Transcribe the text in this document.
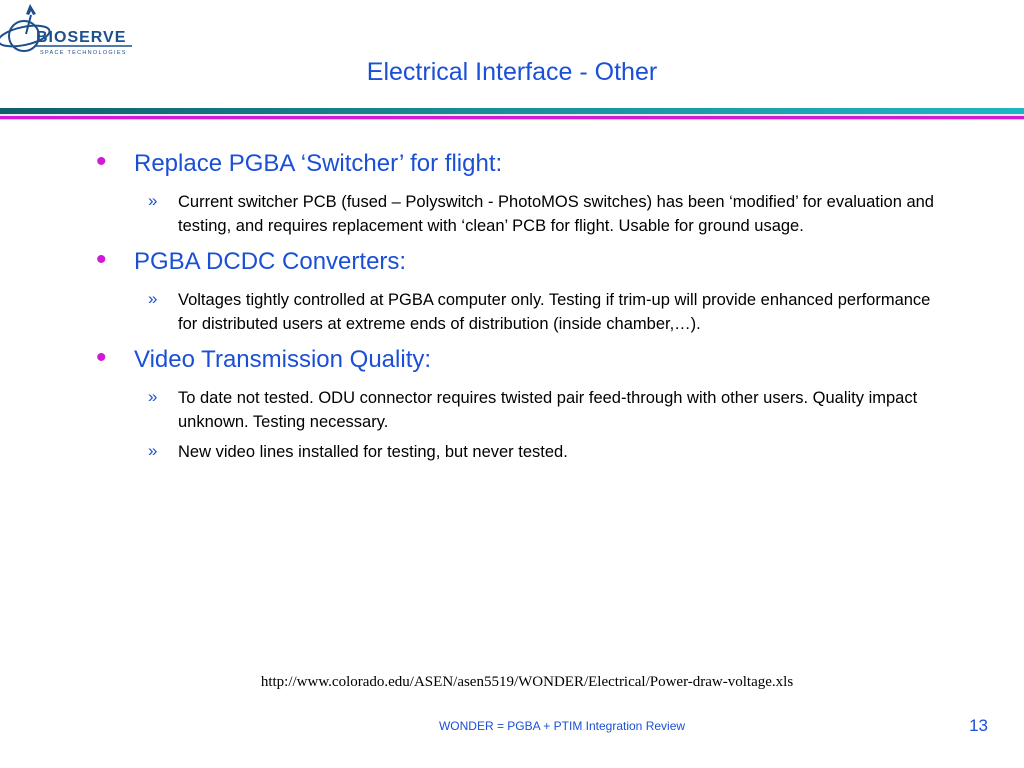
BIOSERVE
SPACE TECHNOLOGIES
Electrical Interface - Other
•	Replace PGBA ‘Switcher’ for flight:
»	Current switcher PCB (fused – Polyswitch - PhotoMOS switches) has been ‘modified’ for evaluation and testing, and requires replacement with ‘clean’ PCB for flight. Usable for ground usage.
•	PGBA DCDC Converters:
»	Voltages tightly controlled at PGBA computer only. Testing if trim-up will provide enhanced performance for distributed users at extreme ends of distribution (inside chamber,…).
•	Video Transmission Quality:
»	To date not tested. ODU connector requires twisted pair feed-through with other users. Quality impact unknown. Testing necessary.
»	New video lines installed for testing, but never tested.
http://www.colorado.edu/ASEN/asen5519/WONDER/Electrical/Power-draw-voltage.xls
WONDER = PGBA + PTIM Integration Review	13
